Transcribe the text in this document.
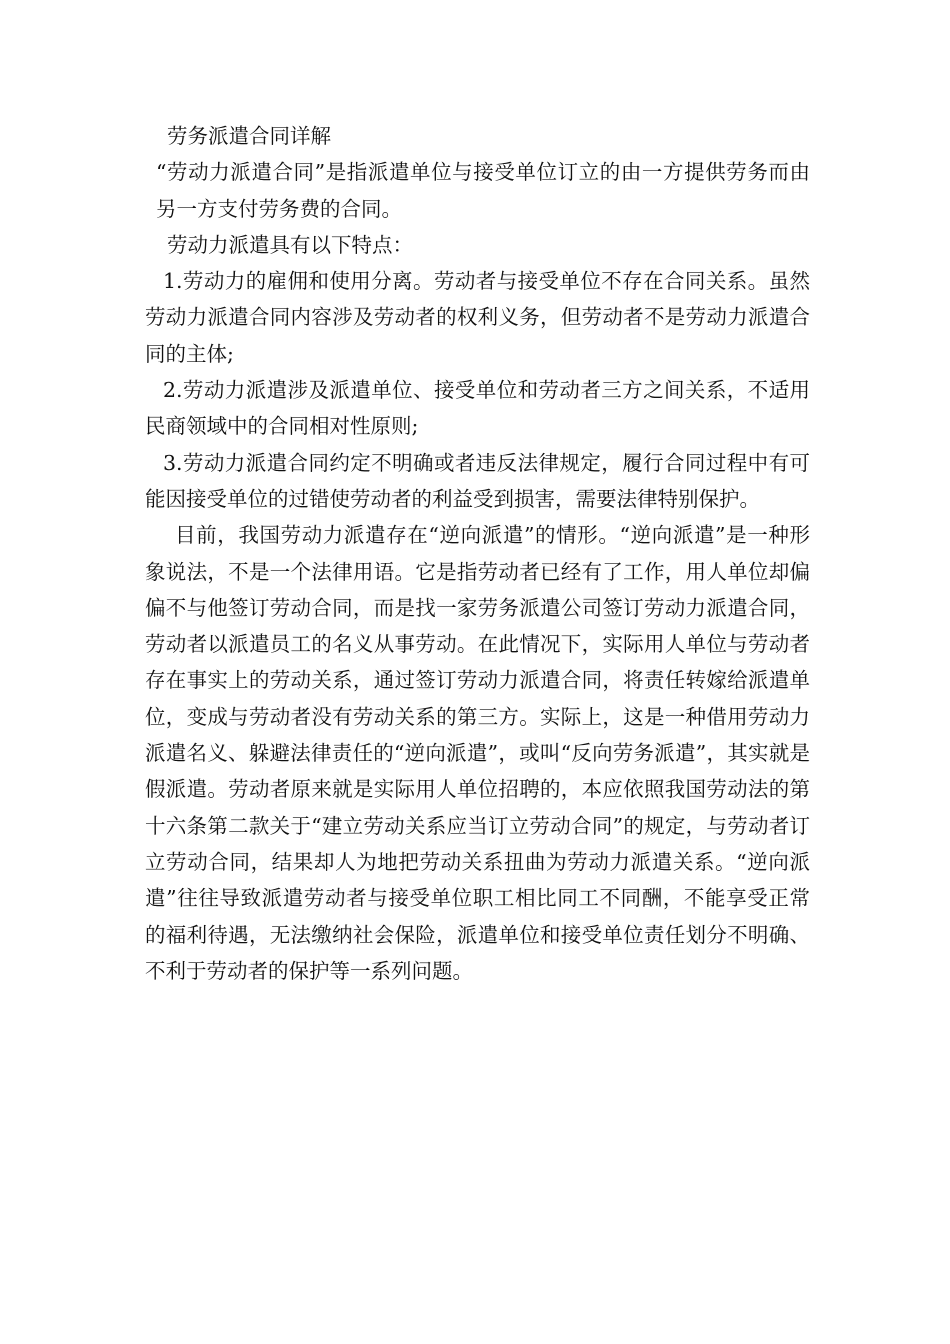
劳务派遣合同详解

“劳动力派遣合同”是指派遣单位与接受单位订立的由一方提供劳务而由另一方支付劳务费的合同。

劳动力派遣具有以下特点：

1.劳动力的雇佣和使用分离。劳动者与接受单位不存在合同关系。虽然劳动力派遣合同内容涉及劳动者的权利义务，但劳动者不是劳动力派遣合同的主体;

2.劳动力派遣涉及派遣单位、接受单位和劳动者三方之间关系，不适用民商领域中的合同相对性原则;

3.劳动力派遣合同约定不明确或者违反法律规定，履行合同过程中有可能因接受单位的过错使劳动者的利益受到损害，需要法律特别保护。

目前，我国劳动力派遣存在“逆向派遣”的情形。“逆向派遣”是一种形象说法，不是一个法律用语。它是指劳动者已经有了工作，用人单位却偏偏不与他签订劳动合同，而是找一家劳务派遣公司签订劳动力派遣合同，劳动者以派遣员工的名义从事劳动。在此情况下，实际用人单位与劳动者存在事实上的劳动关系，通过签订劳动力派遣合同，将责任转嫁给派遣单位，变成与劳动者没有劳动关系的第三方。实际上，这是一种借用劳动力派遣名义、躲避法律责任的“逆向派遣”，或叫“反向劳务派遣”，其实就是假派遣。劳动者原来就是实际用人单位招聘的，本应依照我国劳动法的第十六条第二款关于“建立劳动关系应当订立劳动合同”的规定，与劳动者订立劳动合同，结果却人为地把劳动关系扭曲为劳动力派遣关系。“逆向派遣”往往导致派遣劳动者与接受单位职工相比同工不同酬，不能享受正常的福利待遇，无法缴纳社会保险，派遣单位和接受单位责任划分不明确、不利于劳动者的保护等一系列问题。
